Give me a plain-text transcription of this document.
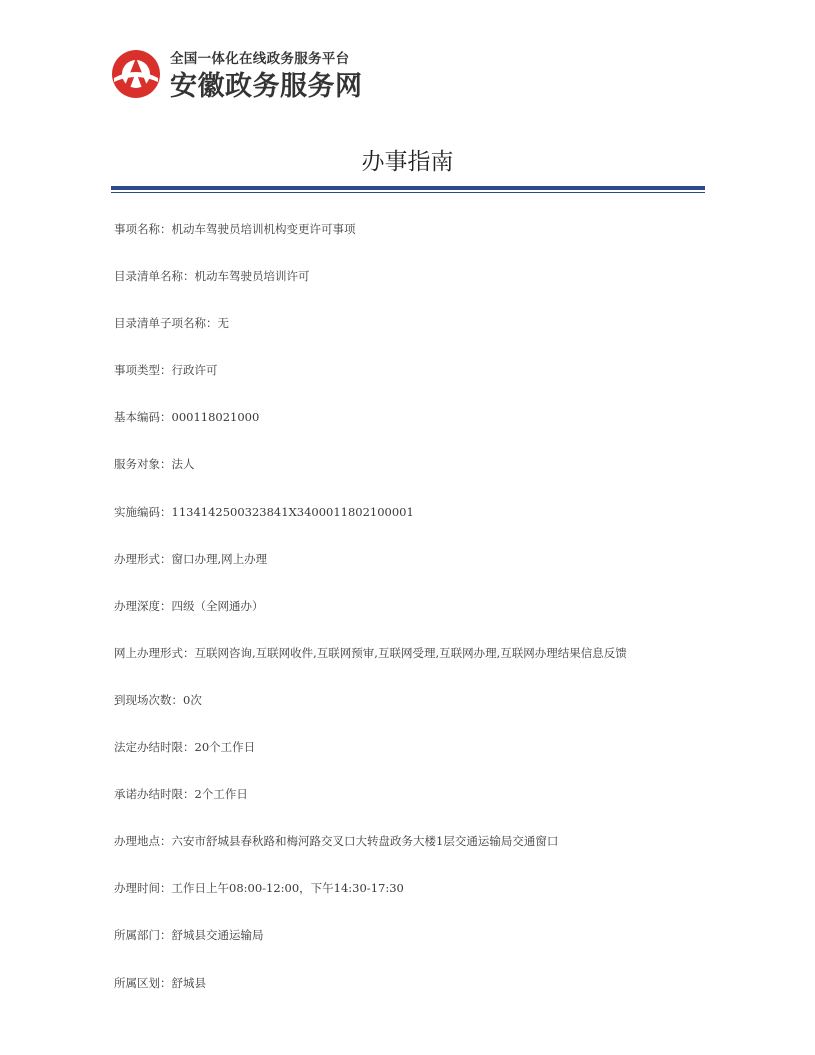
全国一体化在线政务服务平台
安徽政务服务网
办事指南
事项名称：机动车驾驶员培训机构变更许可事项
目录清单名称：机动车驾驶员培训许可
目录清单子项名称：无
事项类型：行政许可
基本编码：000118021000
服务对象：法人
实施编码：1134142500323841X3400011802100001
办理形式：窗口办理,网上办理
办理深度：四级（全网通办）
网上办理形式：互联网咨询,互联网收件,互联网预审,互联网受理,互联网办理,互联网办理结果信息反馈
到现场次数：0次
法定办结时限：20个工作日
承诺办结时限：2个工作日
办理地点：六安市舒城县春秋路和梅河路交叉口大转盘政务大楼1层交通运输局交通窗口
办理时间：工作日上午08:00-12:00，下午14:30-17:30
所属部门：舒城县交通运输局
所属区划：舒城县
